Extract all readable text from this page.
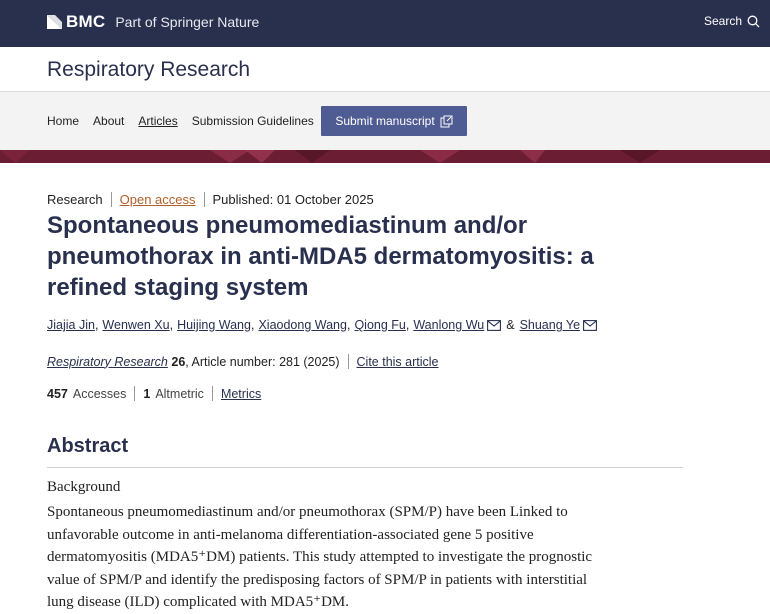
BMC Part of Springer Nature	Search
Respiratory Research
Home About Articles Submission Guidelines Submit manuscript
Research Open access Published: 01 October 2025
Spontaneous pneumomediastinum and/or pneumothorax in anti-MDA5 dermatomyositis: a refined staging system
Jiajia Jin , Wenwen Xu , Huijing Wang , Xiaodong Wang , Qiong Fu , Wanlong Wu & Shuang Ye
Respiratory Research
26 , Article number: 281 (2025) Cite this article
457 Accesses 1 Altmetric Metrics
Abstract
Background

Spontaneous pneumomediastinum and/or pneumothorax (SPM/P) have been Linked to

unfavorable outcome in anti-melanoma differentiation-associated gene 5 positive

dermatomyositis (MDA5⁺DM) patients. This study attempted to investigate the prognostic

value of SPM/P and identify the predisposing factors of SPM/P in patients with interstitial

lung disease (ILD) complicated with MDA5⁺DM.
